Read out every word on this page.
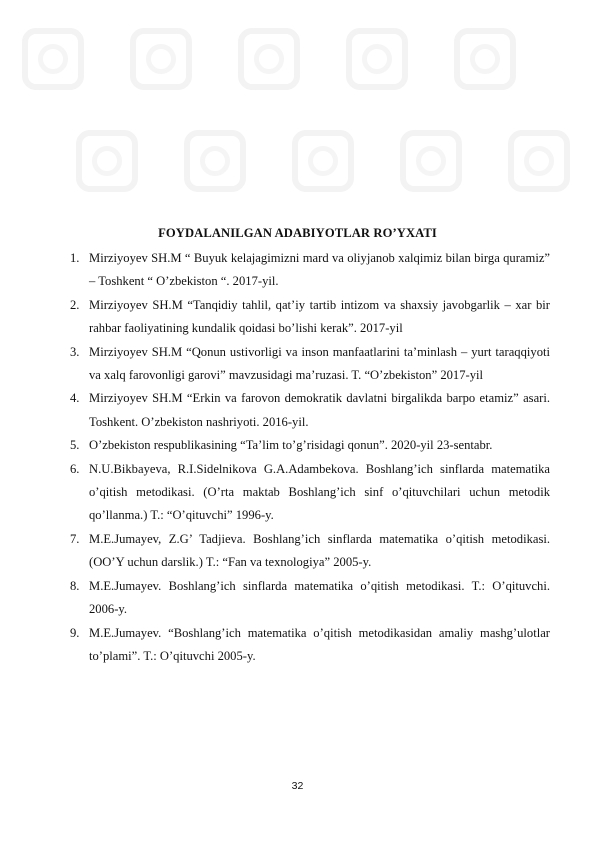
FOYDALANILGAN ADABIYOTLAR RO’YXATI
1. Mirziyoyev SH.M “ Buyuk kelajagimizni mard va oliyjanob xalqimiz bilan birga quramiz” – Toshkent “ O’zbekiston “. 2017-yil.
2. Mirziyoyev SH.M “Tanqidiy tahlil, qat’iy tartib intizom va shaxsiy javobgarlik – xar bir rahbar faoliyatining kundalik qoidasi bo’lishi kerak”. 2017-yil
3. Mirziyoyev SH.M “Qonun ustivorligi va inson manfaatlarini ta’minlash – yurt taraqqiyoti va xalq farovonligi garovi” mavzusidagi ma’ruzasi. T. “O’zbekiston” 2017-yil
4. Mirziyoyev SH.M “Erkin va farovon demokratik davlatni birgalikda barpo etamiz” asari. Toshkent. O’zbekiston nashriyoti. 2016-yil.
5. O’zbekiston respublikasining “Ta’lim to’g’risidagi qonun”. 2020-yil 23-sentabr.
6. N.U.Bikbayeva, R.I.Sidelnikova G.A.Adambekova. Boshlang’ich sinflarda matematika o’qitish metodikasi. (O’rta maktab Boshlang’ich sinf o’qituvchilari uchun metodik qo’llanma.) T.: “O’qituvchi” 1996-y.
7. M.E.Jumayev, Z.G’ Tadjieva. Boshlang’ich sinflarda matematika o’qitish metodikasi. (OO’Y uchun darslik.) T.: “Fan va texnologiya” 2005-y.
8. M.E.Jumayev. Boshlang’ich sinflarda matematika o’qitish metodikasi. T.: O’qituvchi. 2006-y.
9. M.E.Jumayev. “Boshlang’ich matematika o’qitish metodikasidan amaliy mashg’ulotlar to’plami”. T.: O’qituvchi 2005-y.
32
